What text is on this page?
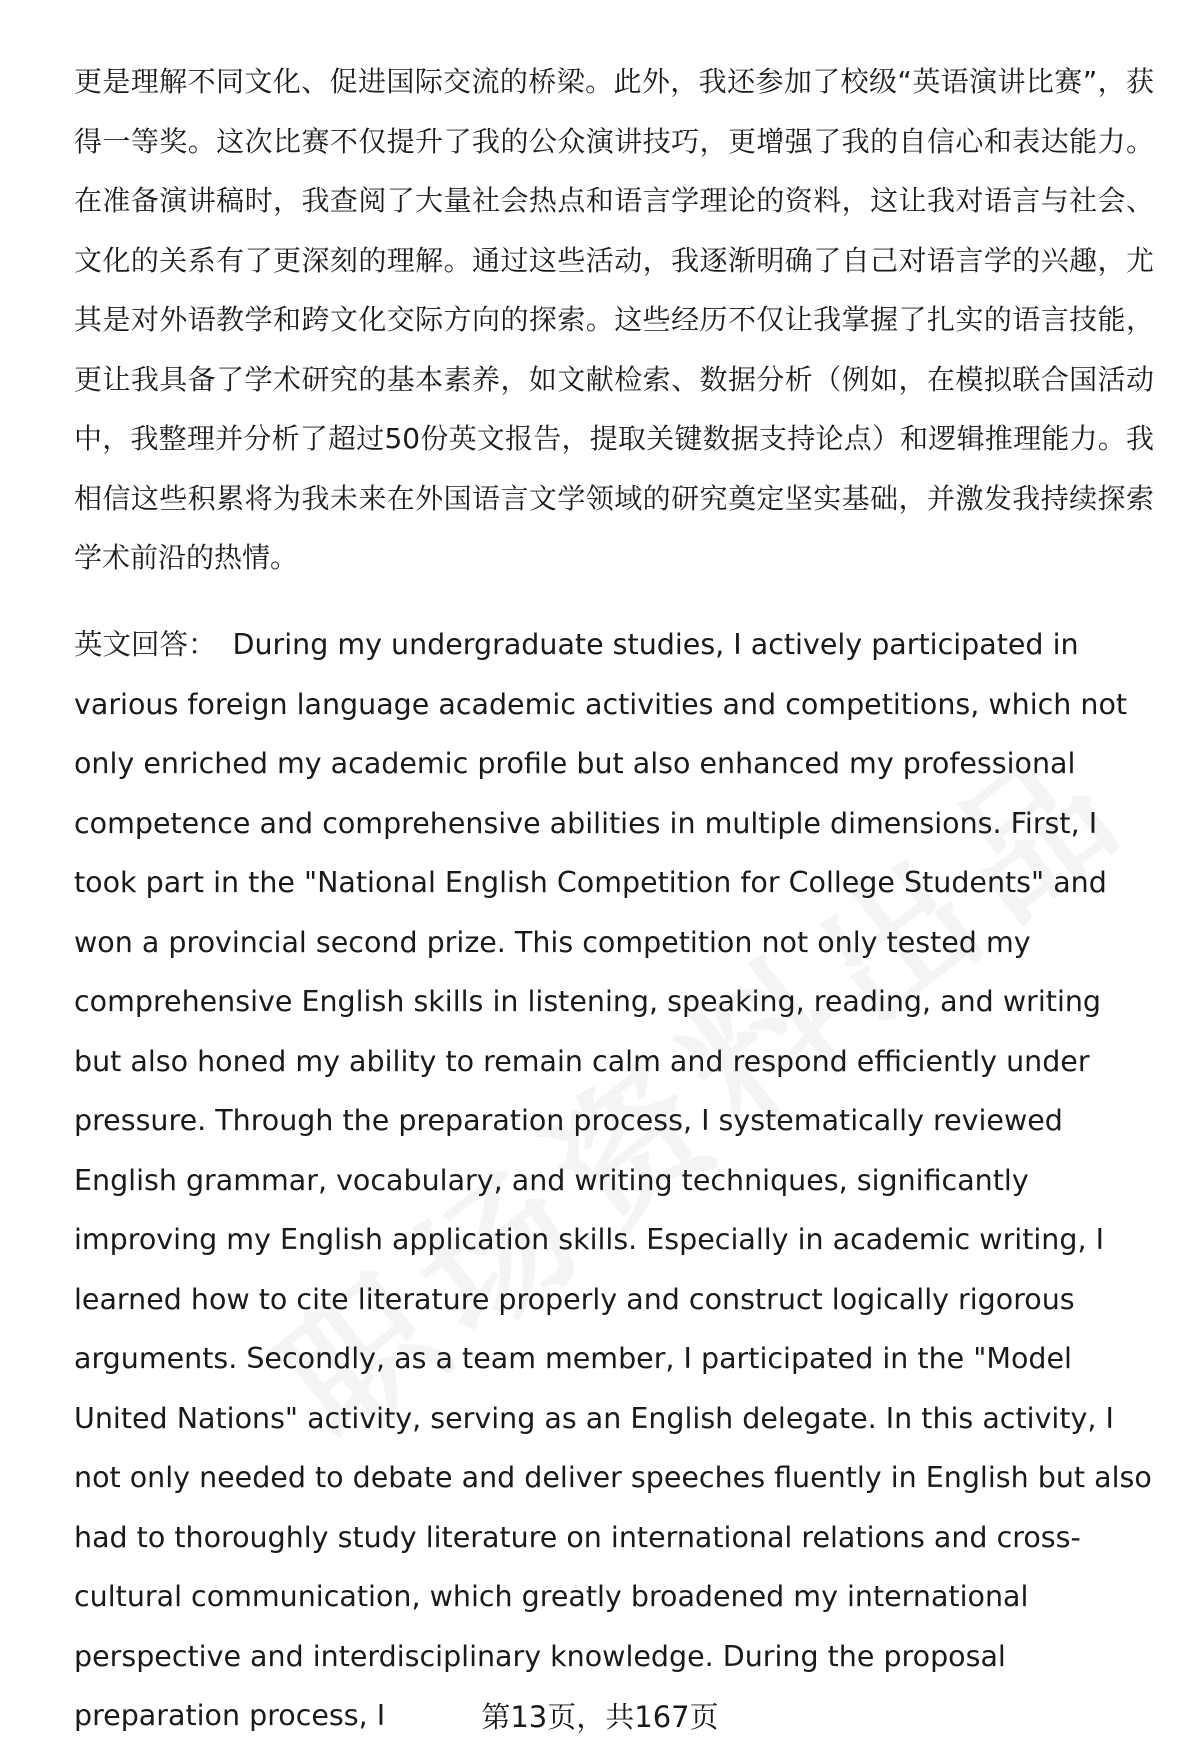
更是理解不同文化、促进国际交流的桥梁。此外，我还参加了校级“英语演讲比赛”，获得一等奖。这次比赛不仅提升了我的公众演讲技巧，更增强了我的自信心和表达能力。在准备演讲稿时，我查阅了大量社会热点和语言学理论的资料，这让我对语言与社会、文化的关系有了更深刻的理解。通过这些活动，我逐渐明确了自己对语言学的兴趣，尤其是对外语教学和跨文化交际方向的探索。这些经历不仅让我掌握了扎实的语言技能，更让我具备了学术研究的基本素养，如文献检索、数据分析（例如，在模拟联合国活动中，我整理并分析了超过50份英文报告，提取关键数据支持论点）和逻辑推理能力。我相信这些积累将为我未来在外国语言文学领域的研究奠定坚实基础，并激发我持续探索学术前沿的热情。

英文回答： During my undergraduate studies, I actively participated in various foreign language academic activities and competitions, which not only enriched my academic profile but also enhanced my professional competence and comprehensive abilities in multiple dimensions. First, I took part in the "National English Competition for College Students" and won a provincial second prize. This competition not only tested my comprehensive English skills in listening, speaking, reading, and writing but also honed my ability to remain calm and respond efficiently under pressure. Through the preparation process, I systematically reviewed English grammar, vocabulary, and writing techniques, significantly improving my English application skills. Especially in academic writing, I learned how to cite literature properly and construct logically rigorous arguments. Secondly, as a team member, I participated in the "Model United Nations" activity, serving as an English delegate. In this activity, I not only needed to debate and deliver speeches fluently in English but also had to thoroughly study literature on international relations and cross-cultural communication, which greatly broadened my international perspective and interdisciplinary knowledge. During the proposal preparation process, I	第13页，共167页
